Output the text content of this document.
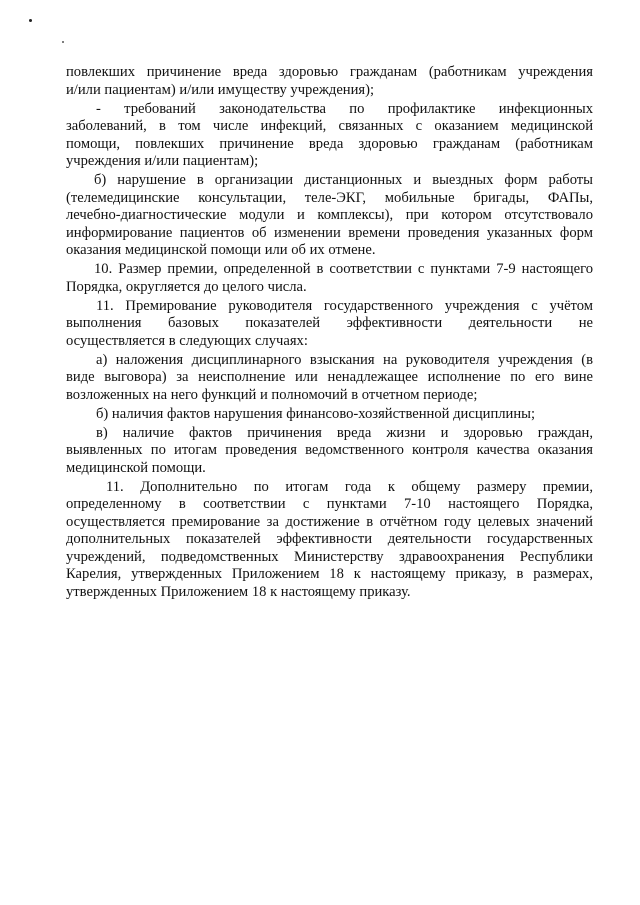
повлекших причинение вреда здоровью гражданам (работникам учреждения
и/или пациентам) и/или имуществу учреждения);
- требований законодательства по профилактике инфекционных
заболеваний, в том числе инфекций, связанных с оказанием медицинской
помощи, повлекших причинение вреда здоровью гражданам (работникам
учреждения и/или пациентам);
б) нарушение в организации дистанционных и выездных форм работы
(телемедицинские консультации, теле-ЭКГ, мобильные бригады, ФАПы,
лечебно-диагностические модули и комплексы), при котором отсутствовало
информирование пациентов об изменении времени проведения указанных форм
оказания медицинской помощи или об их отмене.
10. Размер премии, определенной в соответствии с пунктами 7-9 настоящего
Порядка, округляется до целого числа.
11. Премирование руководителя государственного учреждения с учётом
выполнения базовых показателей эффективности деятельности не
осуществляется в следующих случаях:
а) наложения дисциплинарного взыскания на руководителя учреждения (в
виде выговора) за неисполнение или ненадлежащее исполнение по его вине
возложенных на него функций и полномочий в отчетном периоде;
б) наличия фактов нарушения финансово-хозяйственной дисциплины;
в) наличие фактов причинения вреда жизни и здоровью граждан,
выявленных по итогам проведения ведомственного контроля качества оказания
медицинской помощи.
11. Дополнительно по итогам года к общему размеру премии,
определенному в соответствии с пунктами 7-10 настоящего Порядка,
осуществляется премирование за достижение в отчётном году целевых значений
дополнительных показателей эффективности деятельности государственных
учреждений, подведомственных Министерству здравоохранения Республики
Карелия, утвержденных Приложением 18 к настоящему приказу, в размерах,
утвержденных Приложением 18 к настоящему приказу.
